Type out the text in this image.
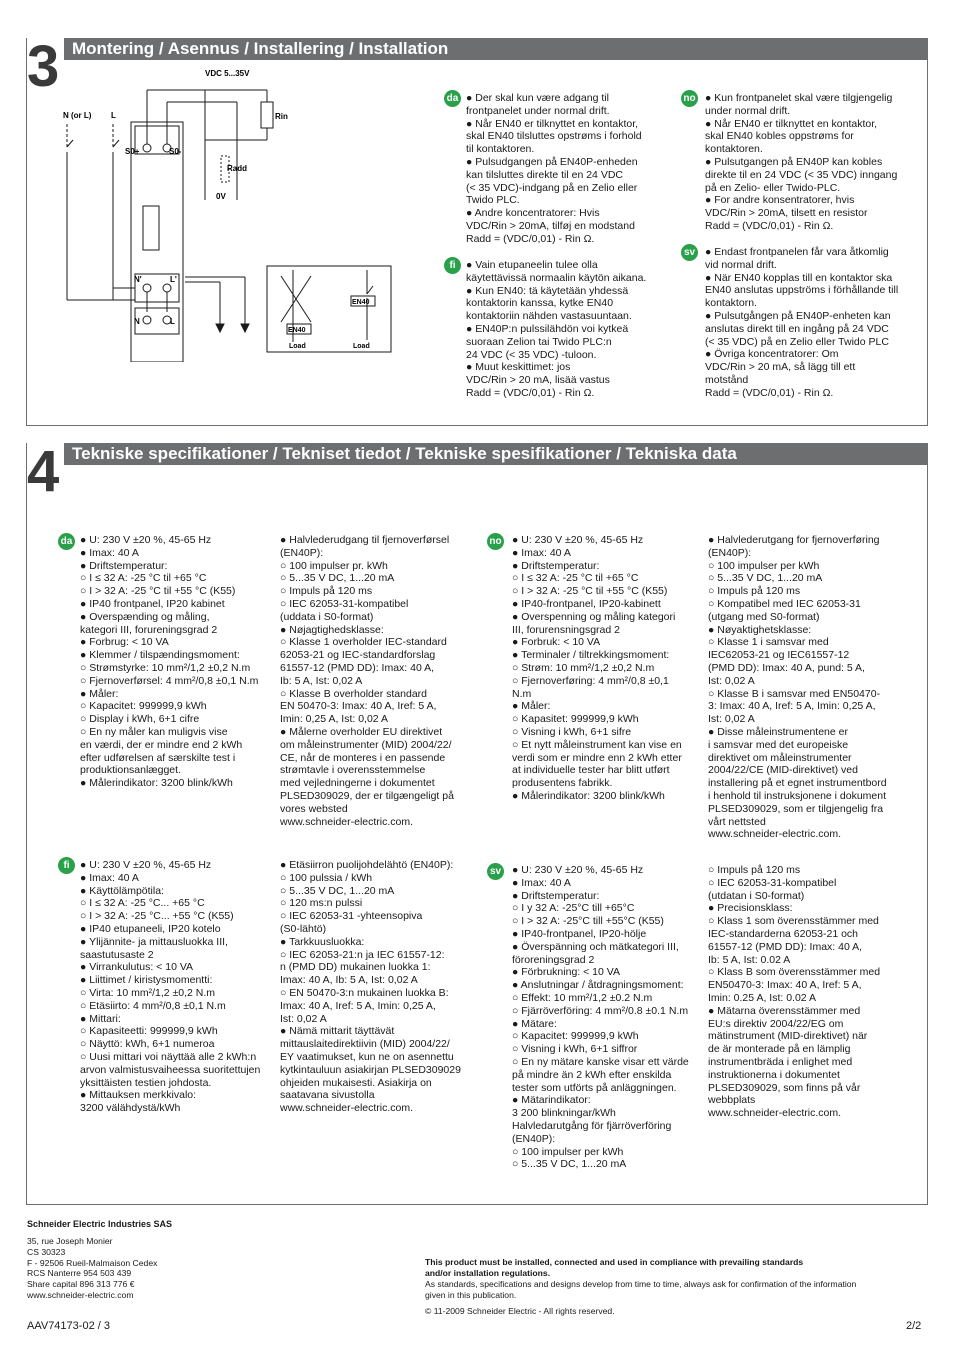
3 Montering / Asennus / Installering / Installation
VDC 5...35V
N (or L) L	Rin
Radd
S0+	S0-
0V
N'	L'
N	L
EN40
EN40
Load	Load
da ● Der skal kun være adgang til
frontpanelet under normal drift.
● Når EN40 er tilknyttet en kontaktor,
skal EN40 tilsluttes opstrøms i forhold
til kontaktoren.
● Pulsudgangen på EN40P-enheden
kan tilsluttes direkte til en 24 VDC
(< 35 VDC)-indgang på en Zelio eller
Twido PLC.
● Andre koncentratorer: Hvis
VDC/Rin > 20mA, tilføj en modstand
Radd = (VDC/0,01) - Rin Ω.
fi ● Vain etupaneelin tulee olla
käytettävissä normaalin käytön aikana.
● Kun EN40: tä käytetään yhdessä
kontaktorin kanssa, kytke EN40
kontaktoriin nähden vastasuuntaan.
● EN40P:n pulssilähdön voi kytkeä
suoraan Zelion tai Twido PLC:n
24 VDC (< 35 VDC) -tuloon.
● Muut keskittimet: jos
VDC/Rin > 20 mA, lisää vastus
Radd = (VDC/0,01) - Rin Ω.
no ● Kun frontpanelet skal være tilgjengelig
under normal drift.
● Når EN40 er tilknyttet en kontaktor,
skal EN40 kobles oppstrøms for
kontaktoren.
● Pulsutgangen på EN40P kan kobles
direkte til en 24 VDC (< 35 VDC) inngang
på en Zelio- eller Twido-PLC.
● For andre konsentratorer, hvis
VDC/Rin > 20mA, tilsett en resistor
Radd = (VDC/0,01) - Rin Ω.
sv ● Endast frontpanelen får vara åtkomlig
vid normal drift.
● När EN40 kopplas till en kontaktor ska
EN40 anslutas uppströms i förhållande till
kontaktorn.
● Pulsutgången på EN40P-enheten kan
anslutas direkt till en ingång på 24 VDC
(< 35 VDC) på en Zelio eller Twido PLC
● Övriga koncentratorer: Om
VDC/Rin > 20 mA, så lägg till ett
motstånd
Radd = (VDC/0,01) - Rin Ω.
4 Tekniske specifikationer / Tekniset tiedot / Tekniske spesifikationer / Tekniska data
da ● U: 230 V ±20 %, 45-65 Hz
● Imax: 40 A
● Driftstemperatur:
○ I ≤ 32 A: -25 °C til +65 °C
○ I > 32 A: -25 °C til +55 °C (K55)
● IP40 frontpanel, IP20 kabinet
● Overspænding og måling,
kategori III, forureningsgrad 2
● Forbrug: < 10 VA
● Klemmer / tilspændingsmoment:
○ Strømstyrke: 10 mm²/1,2 ±0,2 N.m
○ Fjernoverførsel: 4 mm²/0,8 ±0,1 N.m
● Måler:
○ Kapacitet: 999999,9 kWh
○ Display i kWh, 6+1 cifre
○ En ny måler kan muligvis vise
en værdi, der er mindre end 2 kWh
efter udførelsen af særskilte test i
produktionsanlægget.
● Målerindikator: 3200 blink/kWh
● Halvlederudgang til fjernoverførsel
(EN40P):
○ 100 impulser pr. kWh
○ 5...35 V DC, 1...20 mA
○ Impuls på 120 ms
○ IEC 62053-31-kompatibel
(uddata i S0-format)
● Nøjagtighedsklasse:
○ Klasse 1 overholder IEC-standard
62053-21 og IEC-standardforslag
61557-12 (PMD DD): Imax: 40 A,
Ib: 5 A, Ist: 0,02 A
○ Klasse B overholder standard
EN 50470-3: Imax: 40 A, Iref: 5 A,
Imin: 0,25 A, Ist: 0,02 A
● Målerne overholder EU direktivet
om måleinstrumenter (MID) 2004/22/
CE, når de monteres i en passende
strømtavle i overensstemmelse
med vejledningerne i dokumentet
PLSED309029, der er tilgængeligt på
vores websted
www.schneider-electric.com.
no ● U: 230 V ±20 %, 45-65 Hz
● Imax: 40 A
● Driftstemperatur:
○ I ≤ 32 A: -25 °C til +65 °C
○ I > 32 A: -25 °C til +55 °C (K55)
● IP40-frontpanel, IP20-kabinett
● Overspenning og måling kategori
III, forurensningsgrad 2
● Forbruk: < 10 VA
● Terminaler / tiltrekkingsmoment:
○ Strøm: 10 mm²/1,2 ±0,2 N.m
○ Fjernoverføring: 4 mm²/0,8 ±0,1
N.m
● Måler:
○ Kapasitet: 999999,9 kWh
○ Visning i kWh, 6+1 sifre
○ Et nytt måleinstrument kan vise en
verdi som er mindre enn 2 kWh etter
at individuelle tester har blitt utført
produsentens fabrikk.
● Målerindikator: 3200 blink/kWh
● Halvlederutgang for fjernoverføring
(EN40P):
○ 100 impulser per kWh
○ 5...35 V DC, 1...20 mA
○ Impuls på 120 ms
○ Kompatibel med IEC 62053-31
(utgang med S0-format)
● Nøyaktighetsklasse:
○ Klasse 1 i samsvar med
IEC62053-21 og IEC61557-12
(PMD DD): Imax: 40 A, pund: 5 A,
Ist: 0,02 A
○ Klasse B i samsvar med EN50470-
3: Imax: 40 A, Iref: 5 A, Imin: 0,25 A,
Ist: 0,02 A
● Disse måleinstrumentene er
i samsvar med det europeiske
direktivet om måleinstrumenter
2004/22/CE (MID-direktivet) ved
installering på et egnet instrumentbord
i henhold til instruksjonene i dokument
PLSED309029, som er tilgjengelig fra
vårt nettsted
www.schneider-electric.com.
fi ● U: 230 V ±20 %, 45-65 Hz
● Imax: 40 A
● Käyttölämpötila:
○ I ≤ 32 A: -25 °C... +65 °C
○ I > 32 A: -25 °C... +55 °C (K55)
● IP40 etupaneeli, IP20 kotelo
● Ylijännite- ja mittausluokka III,
saastutusaste 2
● Virrankulutus: < 10 VA
● Liittimet / kiristysmomentti:
○ Virta: 10 mm²/1,2 ±0,2 N.m
○ Etäsiirto: 4 mm²/0,8 ±0,1 N.m
● Mittari:
○ Kapasiteetti: 999999,9 kWh
○ Näyttö: kWh, 6+1 numeroa
○ Uusi mittari voi näyttää alle 2 kWh:n
arvon valmistusvaiheessa suoritettujen
yksittäisten testien johdosta.
● Mittauksen merkkivalo:
3200 välähdystä/kWh
● Etäsiirron puolijohdelähtö (EN40P):
○ 100 pulssia / kWh
○ 5...35 V DC, 1...20 mA
○ 120 ms:n pulssi
○ IEC 62053-31 -yhteensopiva
(S0-lähtö)
● Tarkkuusluokka:
○ IEC 62053-21:n ja IEC 61557-12:
n (PMD DD) mukainen luokka 1:
Imax: 40 A, Ib: 5 A, Ist: 0,02 A
○ EN 50470-3:n mukainen luokka B:
Imax: 40 A, Iref: 5 A, Imin: 0,25 A,
Ist: 0,02 A
● Nämä mittarit täyttävät
mittauslaitedirektiivin (MID) 2004/22/
EY vaatimukset, kun ne on asennettu
kytkintauluun asiakirjan PLSED309029
ohjeiden mukaisesti. Asiakirja on
saatavana sivustolla
www.schneider-electric.com.
sv ● U: 230 V ±20 %, 45-65 Hz
● Imax: 40 A
● Driftstemperatur:
○ I y 32 A: -25°C till +65°C
○ I > 32 A: -25°C till +55°C (K55)
● IP40-frontpanel, IP20-hölje
● Överspänning och mätkategori III,
föroreningsgrad 2
● Förbrukning: < 10 VA
● Anslutningar / åtdragningsmoment:
○ Effekt: 10 mm²/1,2 ±0.2 N.m
○ Fjärröverföring: 4 mm²/0.8 ±0.1 N.m
● Mätare:
○ Kapacitet: 999999,9 kWh
○ Visning i kWh, 6+1 siffror
○ En ny mätare kanske visar ett värde
på mindre än 2 kWh efter enskilda
tester som utförts på anläggningen.
● Mätarindikator:
3 200 blinkningar/kWh
Halvledarutgång för fjärröverföring
(EN40P):
○ 100 impulser per kWh
○ 5...35 V DC, 1...20 mA
○ Impuls på 120 ms
○ IEC 62053-31-kompatibel
(utdatan i S0-format)
● Precisionsklass:
○ Klass 1 som överensstämmer med
IEC-standarderna 62053-21 och
61557-12 (PMD DD): Imax: 40 A,
Ib: 5 A, Ist: 0.02 A
○ Klass B som överensstämmer med
EN50470-3: Imax: 40 A, Iref: 5 A,
Imin: 0.25 A, Ist: 0.02 A
● Mätarna överensstämmer med
EU:s direktiv 2004/22/EG om
mätinstrument (MID-direktivet) när
de är monterade på en lämplig
instrumentbräda i enlighet med
instruktionerna i dokumentet
PLSED309029, som finns på vår
webbplats
www.schneider-electric.com.
Schneider Electric Industries SAS
35, rue Joseph Monier
CS 30323
F - 92506 Rueil-Malmaison Cedex
RCS Nanterre 954 503 439
Share capital 896 313 776 €
www.schneider-electric.com
This product must be installed, connected and used in compliance with prevailing standards
and/or installation regulations.
As standards, specifications and designs develop from time to time, always ask for confirmation of the information
given in this publication.
© 11-2009 Schneider Electric - All rights reserved.
AAV74173-02 / 3	2/2
